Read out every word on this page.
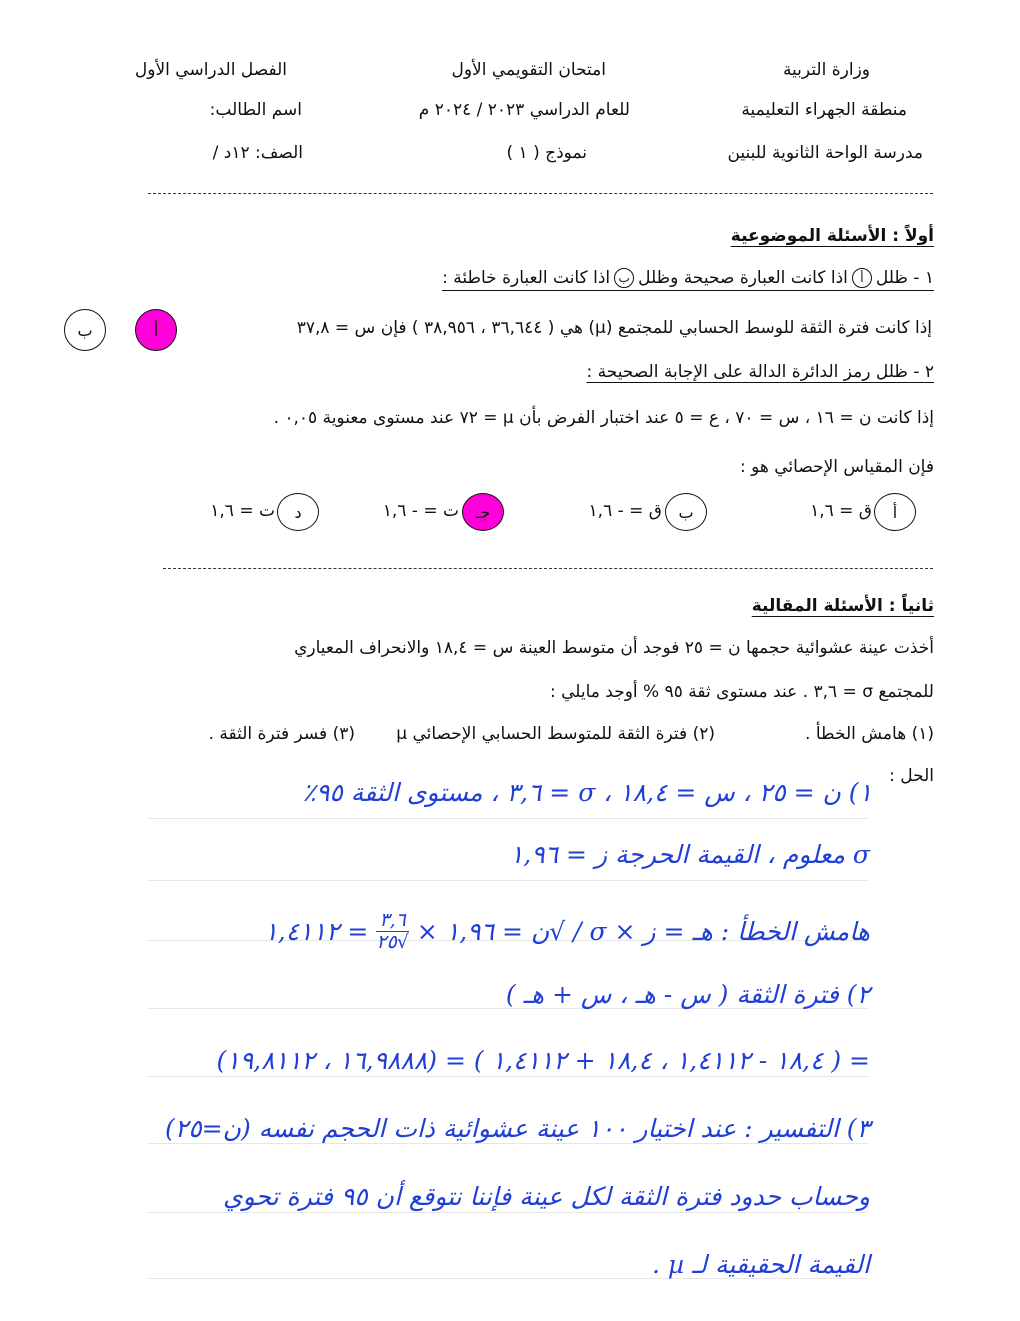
وزارة التربية
منطقة الجهراء التعليمية
مدرسة الواحة الثانوية للبنين
امتحان التقويمي الأول
للعام الدراسي ٢٠٢٣ / ٢٠٢٤ م
نموذج ( ١ )
الفصل الدراسي الأول
اسم الطالب:
الصف: ١٢د /
أولاً : الأسئلة الموضوعية
١ - ظلل
أ
اذا كانت العبارة صحيحة وظلل
ب
اذا كانت العبارة خاطئة :
إذا كانت فترة الثقة للوسط الحسابي للمجتمع (µ) هي ( ٣٦,٦٤٤ ، ٣٨,٩٥٦ ) فإن س = ٣٧,٨
أ
ب
٢ - ظلل رمز الدائرة الدالة على الإجابة الصحيحة :
إذا كانت ن = ١٦ ، س = ٧٠ ، ع = ٥ عند اختبار الفرض بأن µ = ٧٢ عند مستوى معنوية ٠,٠٥ .
فإن المقياس الإحصائي هو :
أ
ق = ١,٦
ب
ق = - ١,٦
جـ
ت = - ١,٦
د
ت = ١,٦
ثانياً : الأسئلة المقالية
أخذت عينة عشوائية حجمها ن = ٢٥ فوجد أن متوسط العينة س = ١٨,٤ والانحراف المعياري
للمجتمع σ = ٣,٦ . عند مستوى ثقة ٩٥ % أوجد مايلي :
(١) هامش الخطأ .
(٢) فترة الثقة للمتوسط الحسابي الإحصائي µ
(٣) فسر فترة الثقة .
الحل :
١) ن = ٢٥ ، س = ١٨,٤ ، σ = ٣,٦ ، مستوى الثقة ٩٥٪
σ معلوم ، القيمة الحرجة ز = ١,٩٦
هامش الخطأ : هـ = ز × σ / √ن = ١,٩٦ ×
٣,٦
√٢٥
= ١,٤١١٢
٢) فترة الثقة ( س - هـ ، س + هـ )
= ( ١٨,٤ - ١,٤١١٢ ، ١٨,٤ + ١,٤١١٢ ) = (١٦,٩٨٨٨ ، ١٩,٨١١٢)
٣) التفسير : عند اختيار ١٠٠ عينة عشوائية ذات الحجم نفسه (ن=٢٥)
وحساب حدود فترة الثقة لكل عينة فإننا نتوقع أن ٩٥ فترة تحوي
القيمة الحقيقية لـ µ .
